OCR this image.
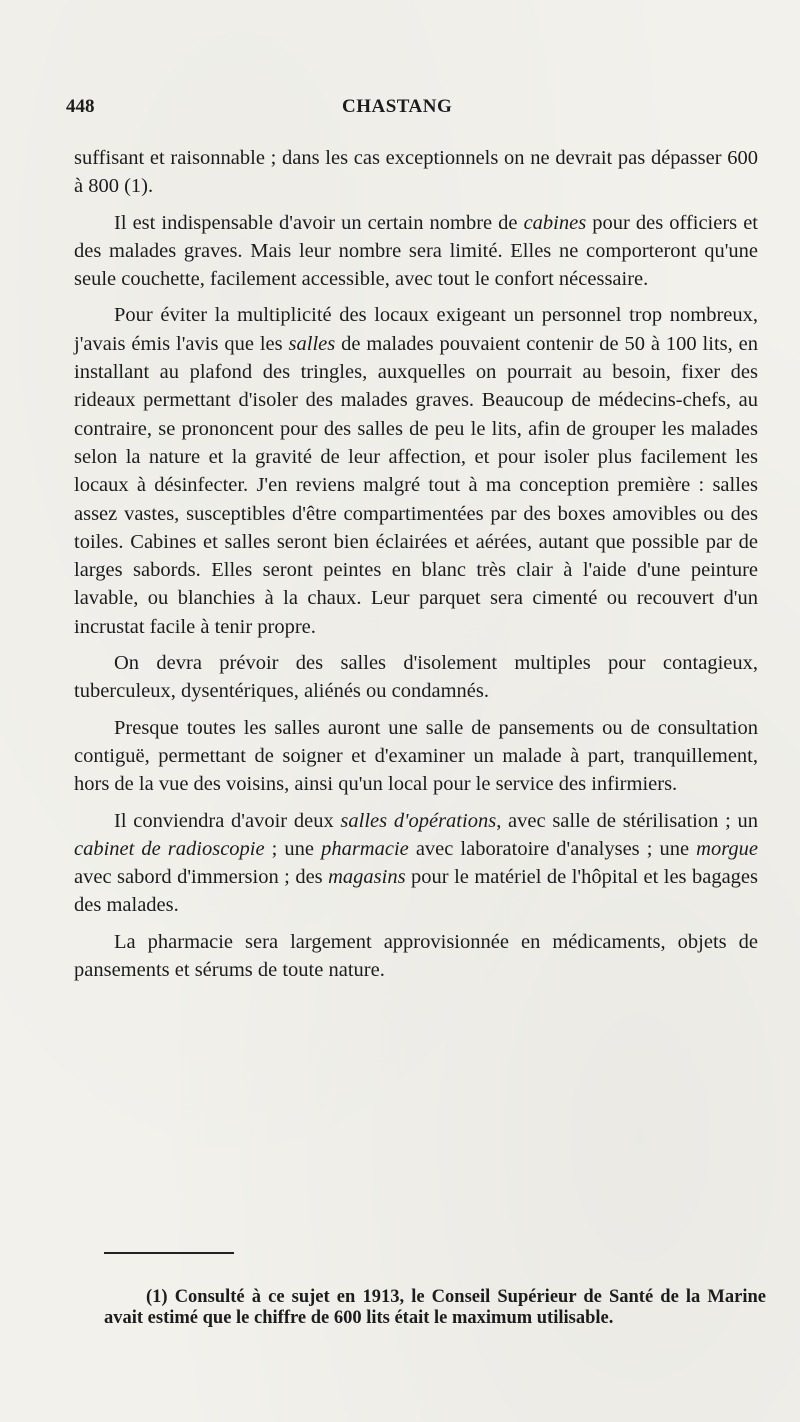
448	CHASTANG

suffisant et raisonnable ; dans les cas exceptionnels on ne devrait pas dépasser 600 à 800 (1).

Il est indispensable d'avoir un certain nombre de cabines pour des officiers et des malades graves. Mais leur nombre sera limité. Elles ne comporteront qu'une seule couchette, facilement accessible, avec tout le confort nécessaire.

Pour éviter la multiplicité des locaux exigeant un personnel trop nombreux, j'avais émis l'avis que les salles de malades pouvaient contenir de 50 à 100 lits, en installant au plafond des tringles, auxquelles on pourrait au besoin, fixer des rideaux permettant d'isoler des malades graves. Beaucoup de médecins-chefs, au contraire, se prononcent pour des salles de peu le lits, afin de grouper les malades selon la nature et la gravité de leur affection, et pour isoler plus facilement les locaux à désinfecter. J'en reviens malgré tout à ma conception première : salles assez vastes, susceptibles d'être compartimentées par des boxes amovibles ou des toiles. Cabines et salles seront bien éclairées et aérées, autant que possible par de larges sabords. Elles seront peintes en blanc très clair à l'aide d'une peinture lavable, ou blanchies à la chaux. Leur parquet sera cimenté ou recouvert d'un incrustat facile à tenir propre.

On devra prévoir des salles d'isolement multiples pour contagieux, tuberculeux, dysentériques, aliénés ou condamnés.

Presque toutes les salles auront une salle de pansements ou de consultation contiguë, permettant de soigner et d'examiner un malade à part, tranquillement, hors de la vue des voisins, ainsi qu'un local pour le service des infirmiers.

Il conviendra d'avoir deux salles d'opérations, avec salle de stérilisation ; un cabinet de radioscopie ; une pharmacie avec laboratoire d'analyses ; une morgue avec sabord d'immersion ; des magasins pour le matériel de l'hôpital et les bagages des malades.

La pharmacie sera largement approvisionnée en médicaments, objets de pansements et sérums de toute nature.

(1) Consulté à ce sujet en 1913, le Conseil Supérieur de Santé de la Marine avait estimé que le chiffre de 600 lits était le maximum utilisable.
